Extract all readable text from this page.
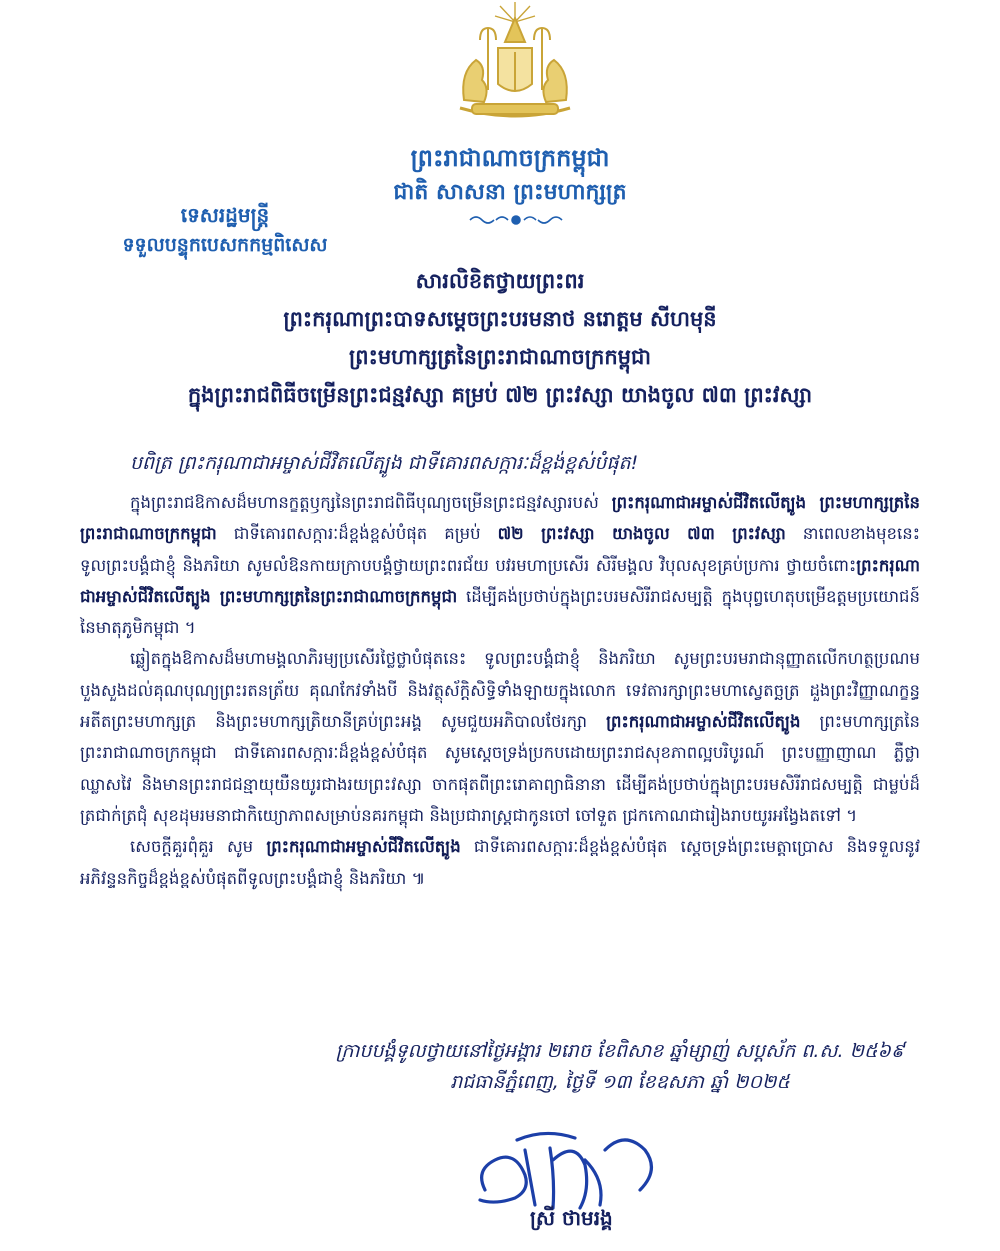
ព្រះរាជាណាចក្រកម្ពុជា
ជាតិ សាសនា ព្រះមហាក្សត្រ
ទេសរដ្ឋមន្ត្រី
ទទួលបន្ទុកបេសកកម្មពិសេស
សារលិខិតថ្វាយព្រះពរ
ព្រះករុណាព្រះបាទសម្តេចព្រះបរមនាថ នរោត្តម សីហមុនី
ព្រះមហាក្សត្រនៃព្រះរាជាណាចក្រកម្ពុជា
ក្នុងព្រះរាជពិធីចម្រើនព្រះជន្មវស្សា គម្រប់ ៧២ ព្រះវស្សា យាងចូល ៧៣ ព្រះវស្សា
បពិត្រ ព្រះករុណាជាអម្ចាស់ជីវិតលើត្បូង ជាទីគោរពសក្ការៈដ៏ខ្ពង់ខ្ពស់បំផុត!

ក្នុងព្រះរាជឱកាសដ៏មហានក្ខត្តឫក្សនៃព្រះរាជពិធីបុណ្យចម្រើនព្រះជន្មវស្សារបស់ ព្រះករុណាជាអម្ចាស់ជីវិតលើត្បូង ព្រះមហាក្សត្រនៃព្រះរាជាណាចក្រកម្ពុជា ជាទីគោរពសក្ការៈដ៏ខ្ពង់ខ្ពស់បំផុត គម្រប់ ៧២ ព្រះវស្សា យាងចូល ៧៣ ព្រះវស្សា នាពេលខាងមុខនេះ ទូលព្រះបង្គំជាខ្ញុំ និងភរិយា សូមលំឱនកាយក្រាបបង្គំថ្វាយព្រះពរជ័យ បវរមហាប្រសើរ សិរីមង្គល វិបុលសុខគ្រប់ប្រការ ថ្វាយចំពោះព្រះករុណាជាអម្ចាស់ជីវិតលើត្បូង ព្រះមហាក្សត្រនៃព្រះរាជាណាចក្រកម្ពុជា ដើម្បីគង់ប្រថាប់ក្នុងព្រះបរមសិរីរាជសម្បត្តិ ក្នុងបុព្វហេតុបម្រើឧត្តមប្រយោជន៍នៃមាតុភូមិកម្ពុជា ។

ឆ្លៀតក្នុងឱកាសដ៏មហាមង្គលាភិរម្យប្រសើរថ្លៃថ្លាបំផុតនេះ ទូលព្រះបង្គំជាខ្ញុំ និងភរិយា សូមព្រះបរមរាជានុញ្ញាតលើកហត្ថប្រណមបួងសួងដល់គុណបុណ្យព្រះរតនត្រ័យ គុណកែវទាំងបី និងវត្ថុស័ក្តិសិទ្ធិទាំងឡាយក្នុងលោក ទេវតារក្សាព្រះមហាស្វេតច្ឆត្រ ដួងព្រះវិញ្ញាណក្ខន្ធអតីតព្រះមហាក្សត្រ និងព្រះមហាក្សត្រិយានីគ្រប់ព្រះអង្គ សូមជួយអភិបាលថែរក្សា ព្រះករុណាជាអម្ចាស់ជីវិតលើត្បូង ព្រះមហាក្សត្រនៃព្រះរាជាណាចក្រកម្ពុជា ជាទីគោរពសក្ការៈដ៏ខ្ពង់ខ្ពស់បំផុត សូមស្តេចទ្រង់ប្រកបដោយព្រះរាជសុខភាពល្អបរិបូរណ៍ ព្រះបញ្ញាញាណ ភ្លឺថ្លាឈ្លាសវៃ និងមានព្រះរាជជន្មាយុយឺនយូរជាងរយព្រះវស្សា ចាកផុតពីព្រះរោគាព្យាធិនានា ដើម្បីគង់ប្រថាប់ក្នុងព្រះបរមសិរីរាជសម្បត្តិ ជាម្លប់ដ៏ត្រជាក់ត្រជុំ សុខដុមរមនាជាកិយ្យោភាពសម្រាប់នគរកម្ពុជា និងប្រជារាស្ត្រជាកូនចៅ ចៅទួត ជ្រកកោណជារៀងរាបយូរអង្វែងតទៅ ។

សេចក្តីគួរពុំគួរ សូម ព្រះករុណាជាអម្ចាស់ជីវិតលើត្បូង ជាទីគោរពសក្ការៈដ៏ខ្ពង់ខ្ពស់បំផុត ស្តេចទ្រង់ព្រះមេត្តាប្រោស និងទទួលនូវអភិវន្ទនកិច្ចដ៏ខ្ពង់ខ្ពស់បំផុតពីទូលព្រះបង្គំជាខ្ញុំ និងភរិយា ៕

ក្រាបបង្គំទូលថ្វាយនៅថ្ងៃអង្គារ ២រោច ខែពិសាខ ឆ្នាំម្សាញ់ សប្តស័ក ព.ស. ២៥៦៩
រាជធានីភ្នំពេញ, ថ្ងៃទី ១៣ ខែឧសភា ឆ្នាំ ២០២៥
ស្រី ថាមរង្គ
